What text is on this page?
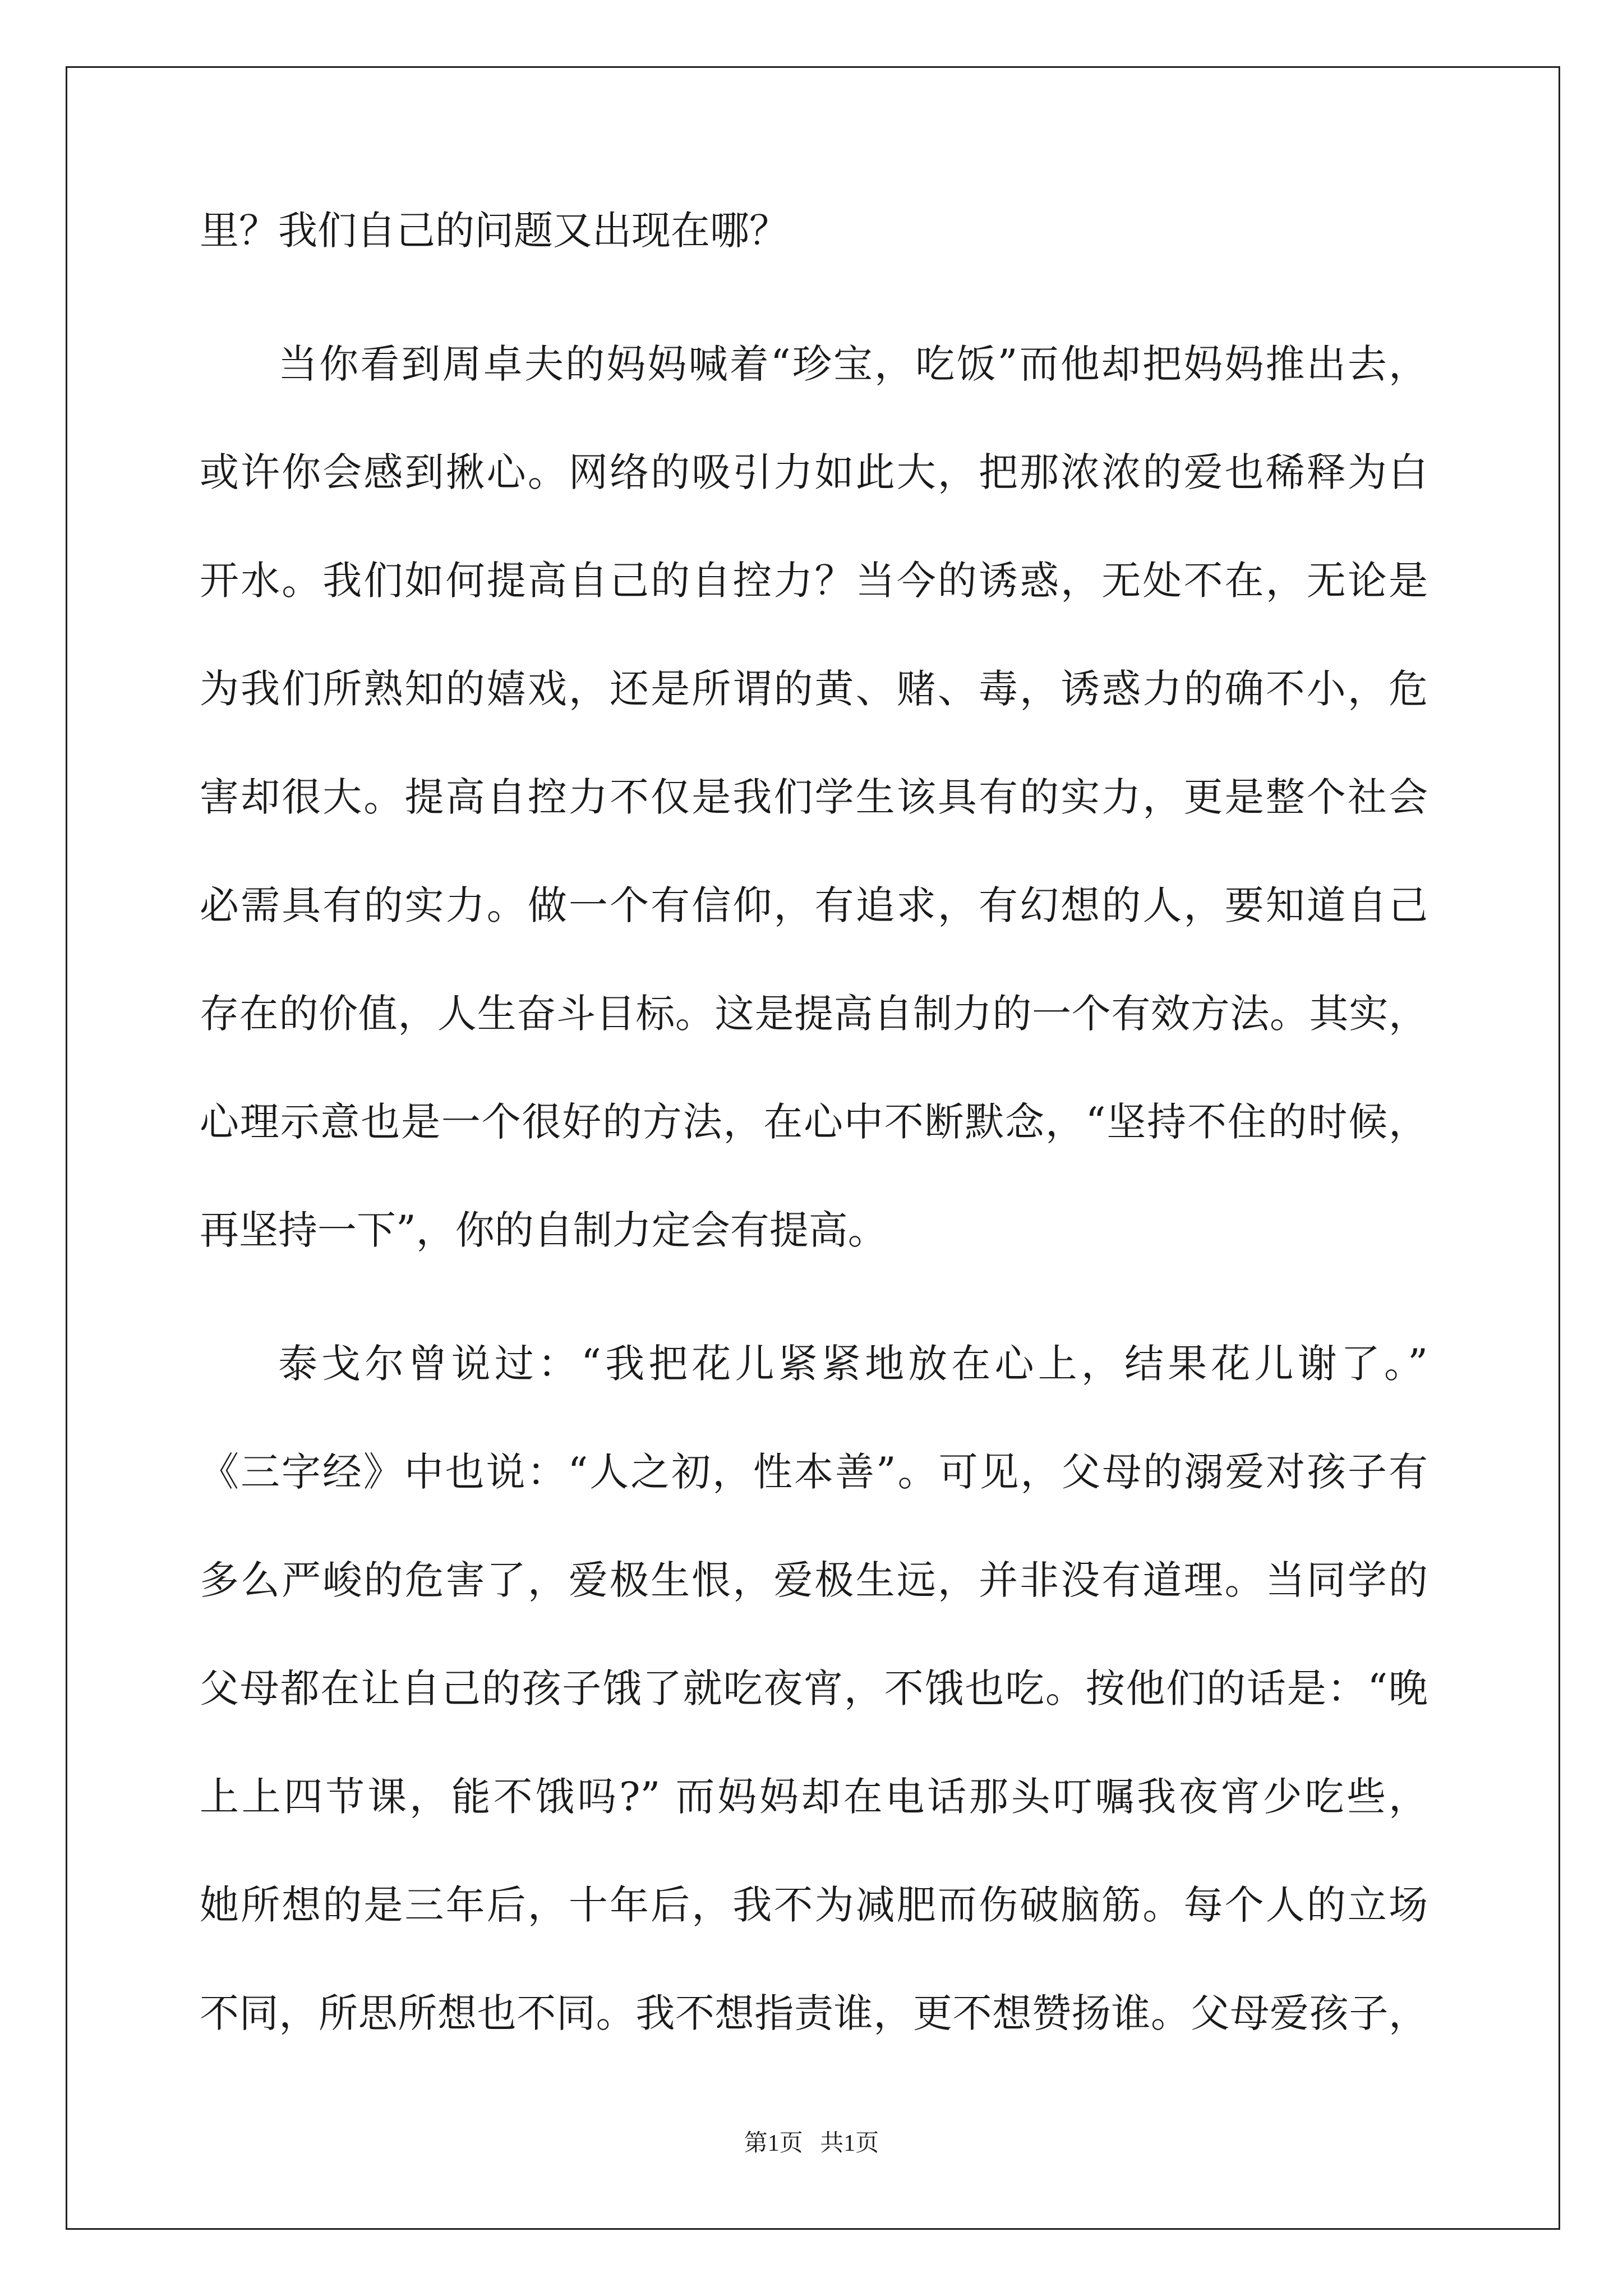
里？我们自己的问题又出现在哪？
当你看到周卓夫的妈妈喊着“珍宝，吃饭”而他却把妈妈推出去，
或许你会感到揪心。网络的吸引力如此大，把那浓浓的爱也稀释为白
开水。我们如何提高自己的自控力？当今的诱惑，无处不在，无论是
为我们所熟知的嬉戏，还是所谓的黄、赌、毒，诱惑力的确不小，危
害却很大。提高自控力不仅是我们学生该具有的实力，更是整个社会
必需具有的实力。做一个有信仰，有追求，有幻想的人，要知道自己
存在的价值，人生奋斗目标。这是提高自制力的一个有效方法。其实，
心理示意也是一个很好的方法，在心中不断默念，“坚持不住的时候，
再坚持一下”，你的自制力定会有提高。
泰戈尔曾说过：“我把花儿紧紧地放在心上，结果花儿谢了。”
《三字经》中也说：“人之初，性本善”。可见，父母的溺爱对孩子有
多么严峻的危害了，爱极生恨，爱极生远，并非没有道理。当同学的
父母都在让自己的孩子饿了就吃夜宵，不饿也吃。按他们的话是：“晚
上上四节课，能不饿吗?” 而妈妈却在电话那头叮嘱我夜宵少吃些，
她所想的是三年后，十年后，我不为减肥而伤破脑筋。每个人的立场
不同，所思所想也不同。我不想指责谁，更不想赞扬谁。父母爱孩子，
第1页 共1页
